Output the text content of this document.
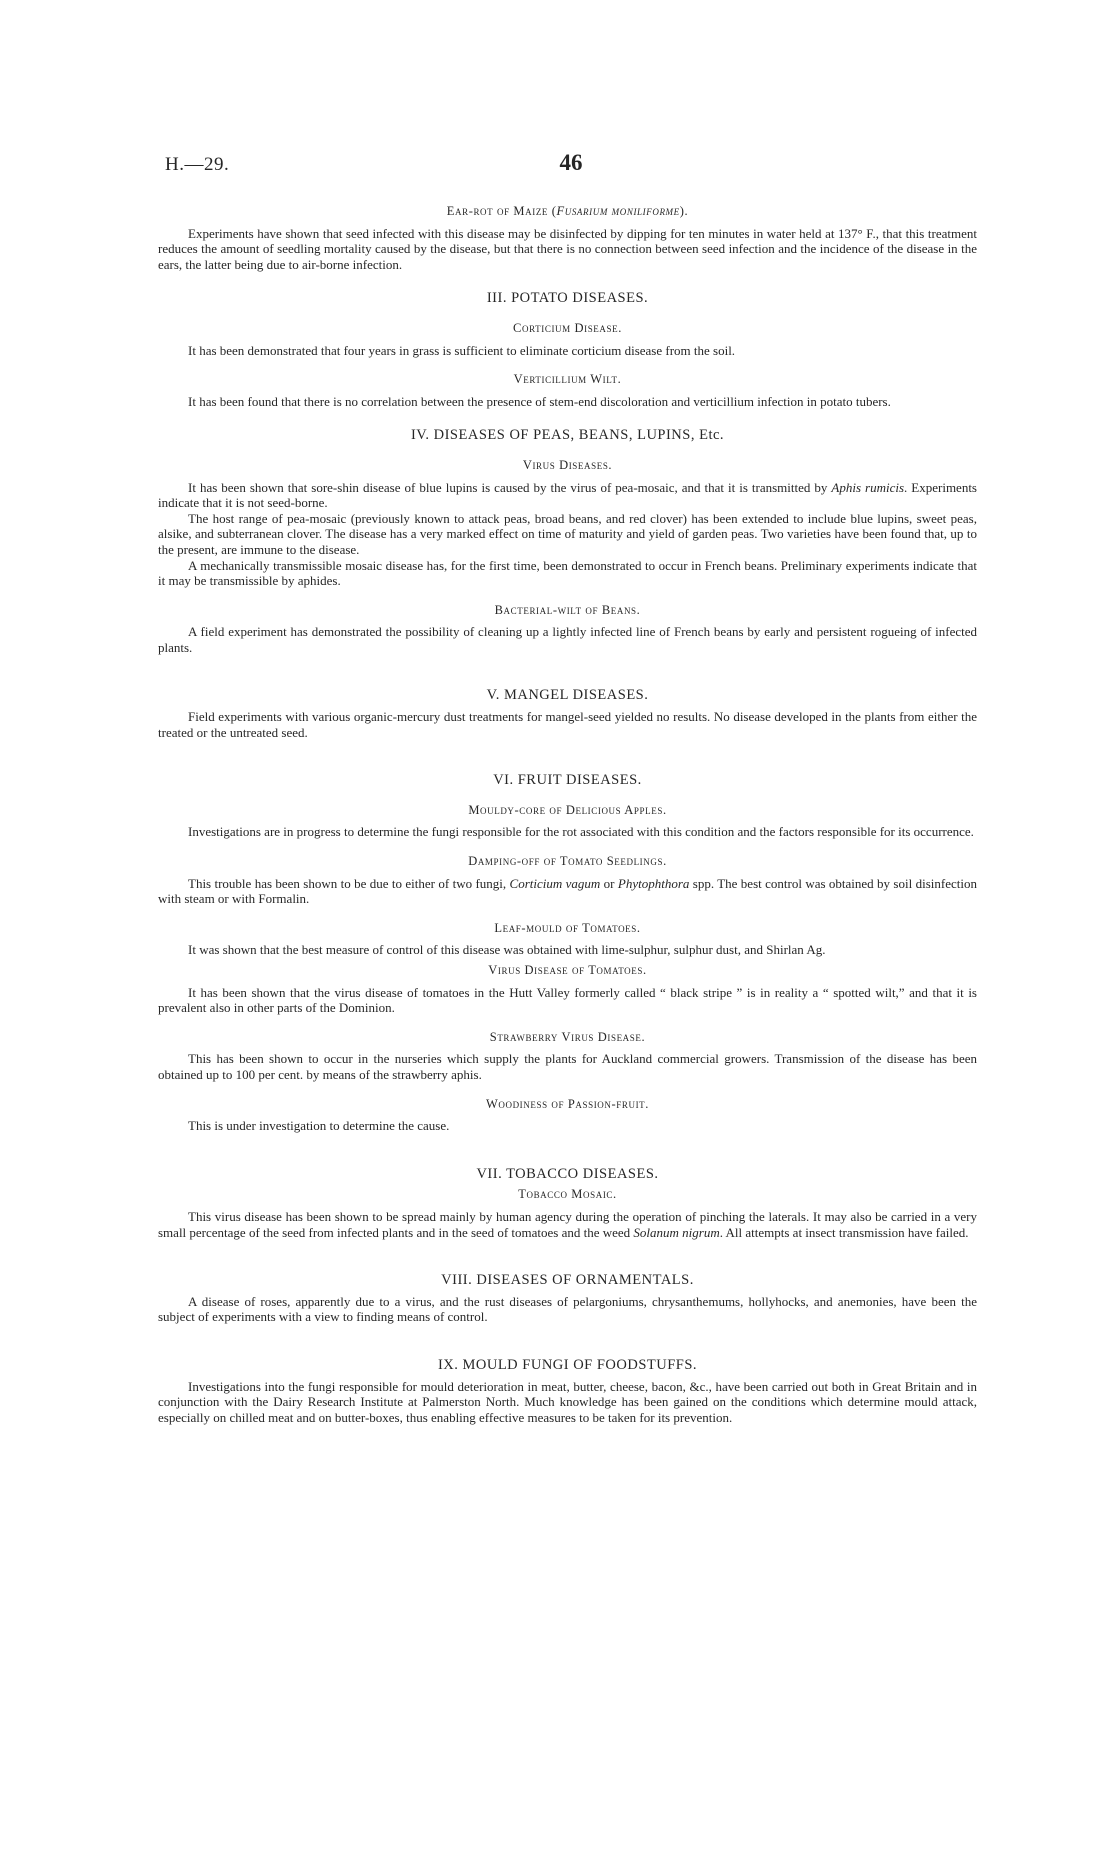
H.—29.	46
Ear-rot of Maize (Fusarium moniliforme).

Experiments have shown that seed infected with this disease may be disinfected by dipping for ten minutes in water held at 137° F., that this treatment reduces the amount of seedling mortality caused by the disease, but that there is no connection between seed infection and the incidence of the disease in the ears, the latter being due to air-borne infection.

III. POTATO DISEASES.
Corticium Disease.

It has been demonstrated that four years in grass is sufficient to eliminate corticium disease from the soil.

Verticillium Wilt.

It has been found that there is no correlation between the presence of stem-end discoloration and verticillium infection in potato tubers.

IV. DISEASES OF PEAS, BEANS, LUPINS, Etc.
Virus Diseases.

It has been shown that sore-shin disease of blue lupins is caused by the virus of pea-mosaic, and that it is transmitted by Aphis rumicis. Experiments indicate that it is not seed-borne.

The host range of pea-mosaic (previously known to attack peas, broad beans, and red clover) has been extended to include blue lupins, sweet peas, alsike, and subterranean clover. The disease has a very marked effect on time of maturity and yield of garden peas. Two varieties have been found that, up to the present, are immune to the disease.

A mechanically transmissible mosaic disease has, for the first time, been demonstrated to occur in French beans. Preliminary experiments indicate that it may be transmissible by aphides.

Bacterial-wilt of Beans.

A field experiment has demonstrated the possibility of cleaning up a lightly infected line of French beans by early and persistent rogueing of infected plants.

V. MANGEL DISEASES.

Field experiments with various organic-mercury dust treatments for mangel-seed yielded no results. No disease developed in the plants from either the treated or the untreated seed.

VI. FRUIT DISEASES.
Mouldy-core of Delicious Apples.

Investigations are in progress to determine the fungi responsible for the rot associated with this condition and the factors responsible for its occurrence.

Damping-off of Tomato Seedlings.

This trouble has been shown to be due to either of two fungi, Corticium vagum or Phytophthora spp. The best control was obtained by soil disinfection with steam or with Formalin.

Leaf-mould of Tomatoes.

It was shown that the best measure of control of this disease was obtained with lime-sulphur, sulphur dust, and Shirlan Ag.

Virus Disease of Tomatoes.

It has been shown that the virus disease of tomatoes in the Hutt Valley formerly called “ black stripe ” is in reality a “ spotted wilt,” and that it is prevalent also in other parts of the Dominion.

Strawberry Virus Disease.

This has been shown to occur in the nurseries which supply the plants for Auckland commercial growers. Transmission of the disease has been obtained up to 100 per cent. by means of the strawberry aphis.

Woodiness of Passion-fruit.

This is under investigation to determine the cause.

VII. TOBACCO DISEASES.
Tobacco Mosaic.

This virus disease has been shown to be spread mainly by human agency during the operation of pinching the laterals. It may also be carried in a very small percentage of the seed from infected plants and in the seed of tomatoes and the weed Solanum nigrum. All attempts at insect transmission have failed.

VIII. DISEASES OF ORNAMENTALS.

A disease of roses, apparently due to a virus, and the rust diseases of pelargoniums, chrysanthemums, hollyhocks, and anemonies, have been the subject of experiments with a view to finding means of control.

IX. MOULD FUNGI OF FOODSTUFFS.

Investigations into the fungi responsible for mould deterioration in meat, butter, cheese, bacon, &c., have been carried out both in Great Britain and in conjunction with the Dairy Research Institute at Palmerston North. Much knowledge has been gained on the conditions which determine mould attack, especially on chilled meat and on butter-boxes, thus enabling effective measures to be taken for its prevention.
